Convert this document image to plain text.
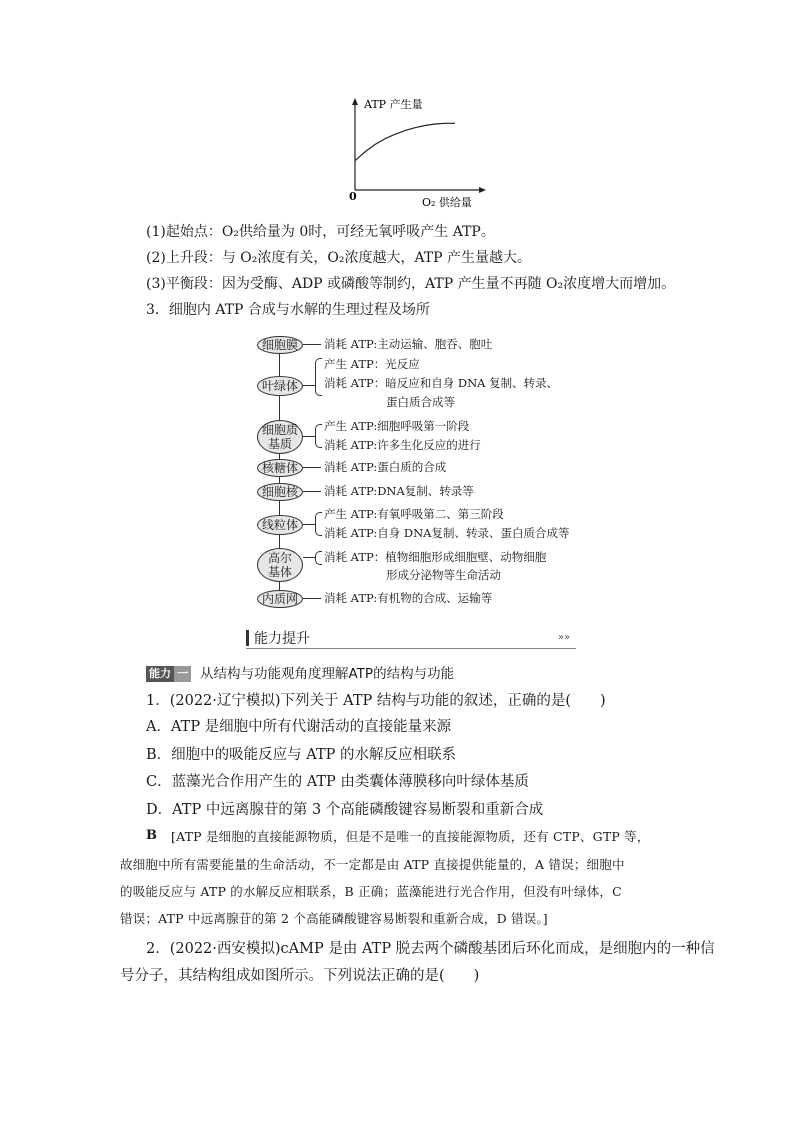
ATP 产生量
O₂ 供给量
0
(1)起始点：O₂供给量为 0时，可经无氧呼吸产生 ATP。
(2)上升段：与 O₂浓度有关，O₂浓度越大，ATP 产生量越大。
(3)平衡段：因为受酶、ADP 或磷酸等制约，ATP 产生量不再随 O₂浓度增大而增加。
3．细胞内 ATP 合成与水解的生理过程及场所
细胞膜	消耗 ATP:主动运输、胞吞、胞吐
叶绿体
产生 ATP：光反应
消耗 ATP：暗反应和自身 DNA 复制、转录、
蛋白质合成等
细胞质
基质
产生 ATP:细胞呼吸第一阶段
消耗 ATP:许多生化反应的进行
核糖体	消耗 ATP:蛋白质的合成
细胞核	消耗 ATP:DNA复制、转录等
线粒体
产生 ATP:有氧呼吸第二、第三阶段
消耗 ATP:自身 DNA复制、转录、蛋白质合成等
高尔
基体
消耗 ATP：植物细胞形成细胞壁、动物细胞
形成分泌物等生命活动
内质网	消耗 ATP:有机物的合成、运输等
能力提升	»»
能力 一 从结构与功能观角度理解ATP的结构与功能
1．(2022·辽宁模拟)下列关于 ATP 结构与功能的叙述，正确的是(　　)
A．ATP 是细胞中所有代谢活动的直接能量来源
B．细胞中的吸能反应与 ATP 的水解反应相联系
C．蓝藻光合作用产生的 ATP 由类囊体薄膜移向叶绿体基质
D．ATP 中远离腺苷的第 3 个高能磷酸键容易断裂和重新合成
B [ATP 是细胞的直接能源物质，但是不是唯一的直接能源物质，还有 CTP、GTP 等，
故细胞中所有需要能量的生命活动，不一定都是由 ATP 直接提供能量的，A 错误；细胞中
的吸能反应与 ATP 的水解反应相联系，B 正确；蓝藻能进行光合作用，但没有叶绿体，C
错误；ATP 中远离腺苷的第 2 个高能磷酸键容易断裂和重新合成，D 错误。]
2．(2022·西安模拟)cAMP 是由 ATP 脱去两个磷酸基团后环化而成，是细胞内的一种信
号分子，其结构组成如图所示。下列说法正确的是(　　)
